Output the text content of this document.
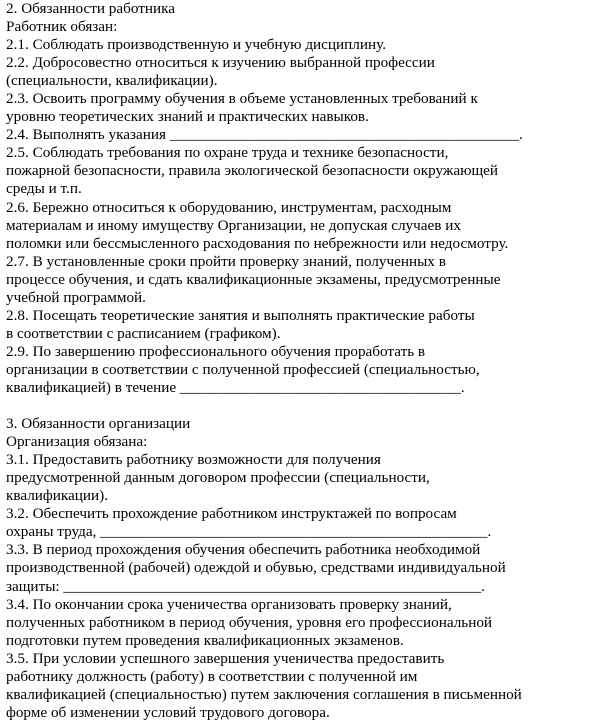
2. Обязанности работника
Работник обязан:
2.1. Соблюдать производственную и учебную дисциплину.
2.2. Добросовестно относиться к изучению выбранной профессии
(специальности, квалификации).
2.3. Освоить программу обучения в объеме установленных требований к
уровню теоретических знаний и практических навыков.
2.4. Выполнять указания ______________________________________________.
2.5. Соблюдать требования по охране труда и технике безопасности,
пожарной безопасности, правила экологической безопасности окружающей
среды и т.п.
2.6. Бережно относиться к оборудованию, инструментам, расходным
материалам и иному имуществу Организации, не допуская случаев их
поломки или бессмысленного расходования по небрежности или недосмотру.
2.7. В установленные сроки пройти проверку знаний, полученных в
процессе обучения, и сдать квалификационные экзамены, предусмотренные
учебной программой.
2.8. Посещать теоретические занятия и выполнять практические работы
в соответствии с расписанием (графиком).
2.9. По завершению профессионального обучения проработать в
организации в соответствии с полученной профессией (специальностью,
квалификацией) в течение _____________________________________.
3. Обязанности организации
Организация обязана:
3.1. Предоставить работнику возможности для получения
предусмотренной данным договором профессии (специальности,
квалификации).
3.2. Обеспечить прохождение работником инструктажей по вопросам
охраны труда, ___________________________________________________.
3.3. В период прохождения обучения обеспечить работника необходимой
производственной (рабочей) одеждой и обувью, средствами индивидуальной
защиты: _______________________________________________________.
3.4. По окончании срока ученичества организовать проверку знаний,
полученных работником в период обучения, уровня его профессиональной
подготовки путем проведения квалификационных экзаменов.
3.5. При условии успешного завершения ученичества предоставить
работнику должность (работу) в соответствии с полученной им
квалификацией (специальностью) путем заключения соглашения в письменной
форме об изменении условий трудового договора.
